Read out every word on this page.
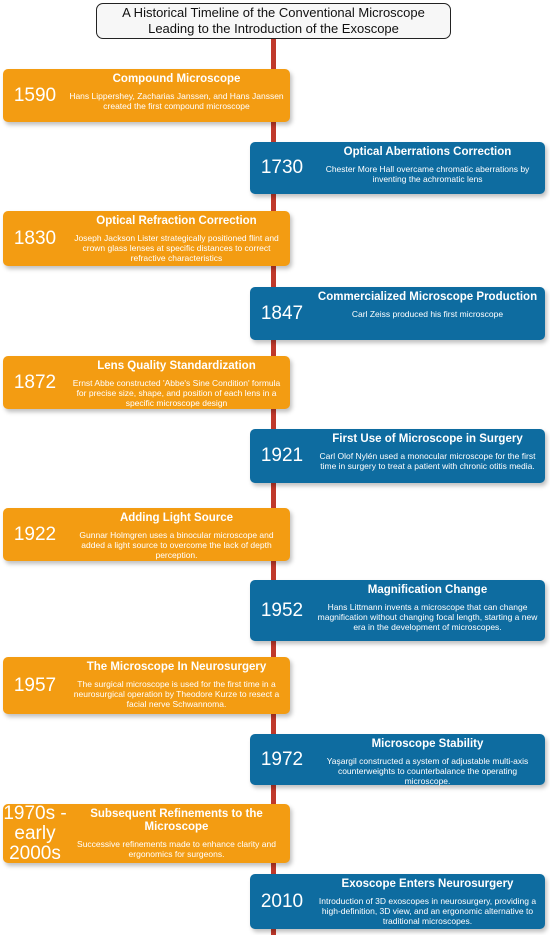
A Historical Timeline of the Conventional Microscope
Leading to the Introduction of the Exoscope
1590
Compound Microscope
Hans Lippershey, Zacharias Janssen, and Hans Janssen created the first compound microscope
1730
Optical Aberrations Correction
Chester More Hall overcame chromatic aberrations by inventing the achromatic lens
1830
Optical Refraction Correction
Joseph Jackson Lister strategically positioned flint and crown glass lenses at specific distances to correct refractive characteristics
1847
Commercialized Microscope Production
Carl Zeiss produced his first microscope
1872
Lens Quality Standardization
Ernst Abbe constructed 'Abbe's Sine Condition' formula for precise size, shape, and position of each lens in a specific microscope design
1921
First Use of Microscope in Surgery
Carl Olof Nylén used a monocular microscope for the first time in surgery to treat a patient with chronic otitis media.
1922
Adding Light Source
Gunnar Holmgren uses a binocular microscope and added a light source to overcome the lack of depth perception.
1952
Magnification Change
Hans Littmann invents a microscope that can change magnification without changing focal length, starting a new era in the development of microscopes.
1957
The Microscope In Neurosurgery
The surgical microscope is used for the first time in a neurosurgical operation by Theodore Kurze to resect a facial nerve Schwannoma.
1972
Microscope Stability
Yaşargil constructed a system of adjustable multi-axis counterweights to counterbalance the operating microscope.
1970s - early 2000s
Subsequent Refinements to the Microscope
Successive refinements made to enhance clarity and ergonomics for surgeons.
2010
Exoscope Enters Neurosurgery
Introduction of 3D exoscopes in neurosurgery, providing a high-definition, 3D view, and an ergonomic alternative to traditional microscopes.
